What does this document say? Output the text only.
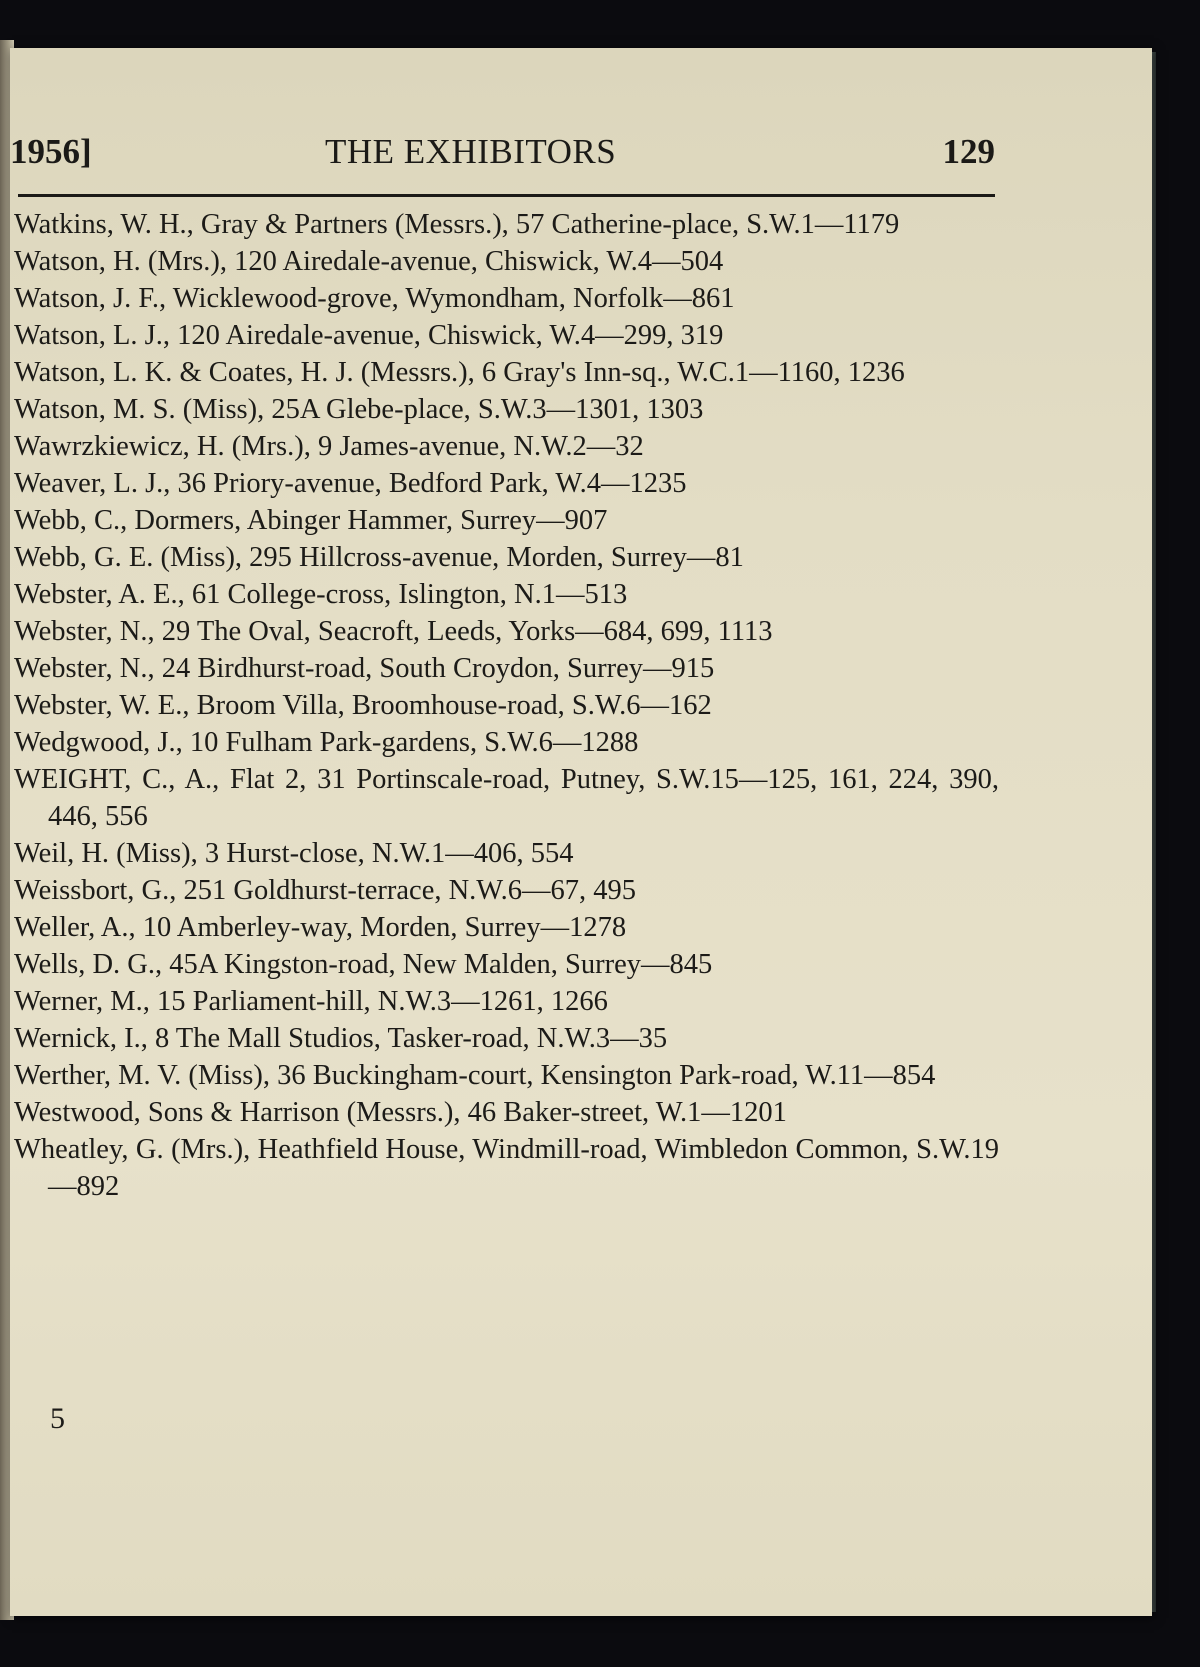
1956]	THE EXHIBITORS	129

Watkins, W. H., Gray & Partners (Messrs.), 57 Catherine-place, S.W.1—1179

Watson, H. (Mrs.), 120 Airedale-avenue, Chiswick, W.4—504

Watson, J. F., Wicklewood-grove, Wymondham, Norfolk—861

Watson, L. J., 120 Airedale-avenue, Chiswick, W.4—299, 319

Watson, L. K. & Coates, H. J. (Messrs.), 6 Gray's Inn-sq., W.C.1—1160, 1236

Watson, M. S. (Miss), 25A Glebe-place, S.W.3—1301, 1303

Wawrzkiewicz, H. (Mrs.), 9 James-avenue, N.W.2—32

Weaver, L. J., 36 Priory-avenue, Bedford Park, W.4—1235

Webb, C., Dormers, Abinger Hammer, Surrey—907

Webb, G. E. (Miss), 295 Hillcross-avenue, Morden, Surrey—81

Webster, A. E., 61 College-cross, Islington, N.1—513

Webster, N., 29 The Oval, Seacroft, Leeds, Yorks—684, 699, 1113

Webster, N., 24 Birdhurst-road, South Croydon, Surrey—915

Webster, W. E., Broom Villa, Broomhouse-road, S.W.6—162

Wedgwood, J., 10 Fulham Park-gardens, S.W.6—1288

WEIGHT, C., A., Flat 2, 31 Portinscale-road, Putney, S.W.15—125, 161, 224, 390, 446, 556

Weil, H. (Miss), 3 Hurst-close, N.W.1—406, 554

Weissbort, G., 251 Goldhurst-terrace, N.W.6—67, 495

Weller, A., 10 Amberley-way, Morden, Surrey—1278

Wells, D. G., 45A Kingston-road, New Malden, Surrey—845

Werner, M., 15 Parliament-hill, N.W.3—1261, 1266

Wernick, I., 8 The Mall Studios, Tasker-road, N.W.3—35

Werther, M. V. (Miss), 36 Buckingham-court, Kensington Park-road, W.11—854

Westwood, Sons & Harrison (Messrs.), 46 Baker-street, W.1—1201

Wheatley, G. (Mrs.), Heathfield House, Windmill-road, Wimbledon Common, S.W.19—892

5
